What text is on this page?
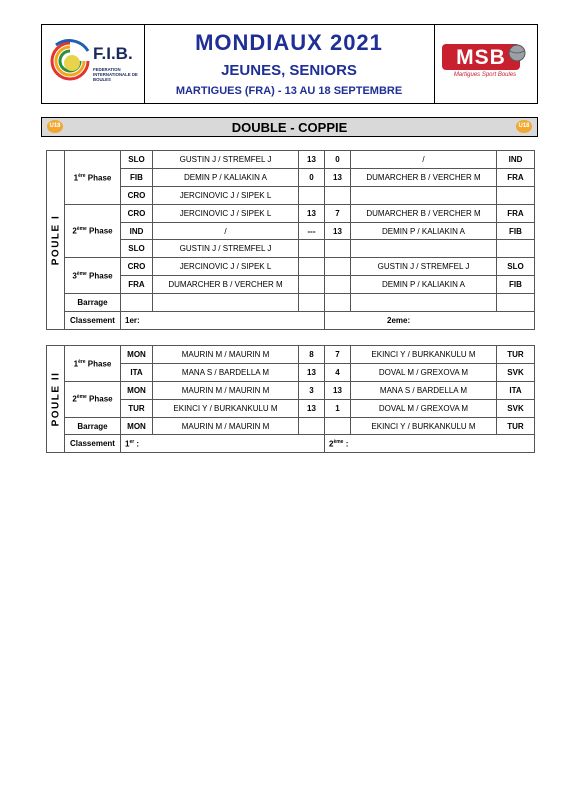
F.I.B.
FEDERATION INTERNATIONALE DE BOULES
MONDIAUX 2021
JEUNES, SENIORS
MARTIGUES (FRA) - 13 AU 18 SEPTEMBRE
MSB
Martigues Sport Boules
U18	DOUBLE - COPPIE	U18
POULE I	1ère Phase	SLO	GUSTIN J / STREMFEL J	13	0	/	IND
		FIB	DEMIN P / KALIAKIN A	0	13	DUMARCHER B / VERCHER M	FRA
		CRO	JERCINOVIC J / SIPEK L				
	2ème Phase	CRO	JERCINOVIC J / SIPEK L	13	7	DUMARCHER B / VERCHER M	FRA
		IND	/	---	13	DEMIN P / KALIAKIN A	FIB
		SLO	GUSTIN J / STREMFEL J				
	3ème Phase	CRO	JERCINOVIC J / SIPEK L			GUSTIN J / STREMFEL J	SLO
		FRA	DUMARCHER B / VERCHER M			DEMIN P / KALIAKIN A	FIB
	Barrage						
	Classement	1er:			2eme:		
POULE II	1ère Phase	MON	MAURIN M / MAURIN M	8	7	EKINCI Y / BURKANKULU M	TUR
		ITA	MANA S / BARDELLA M	13	4	DOVAL M / GREXOVA M	SVK
	2ème Phase	MON	MAURIN M / MAURIN M	3	13	MANA S / BARDELLA M	ITA
		TUR	EKINCI Y / BURKANKULU M	13	1	DOVAL M / GREXOVA M	SVK
	Barrage	MON	MAURIN M / MAURIN M			EKINCI Y / BURKANKULU M	TUR
	Classement	1er :			2ème :		
